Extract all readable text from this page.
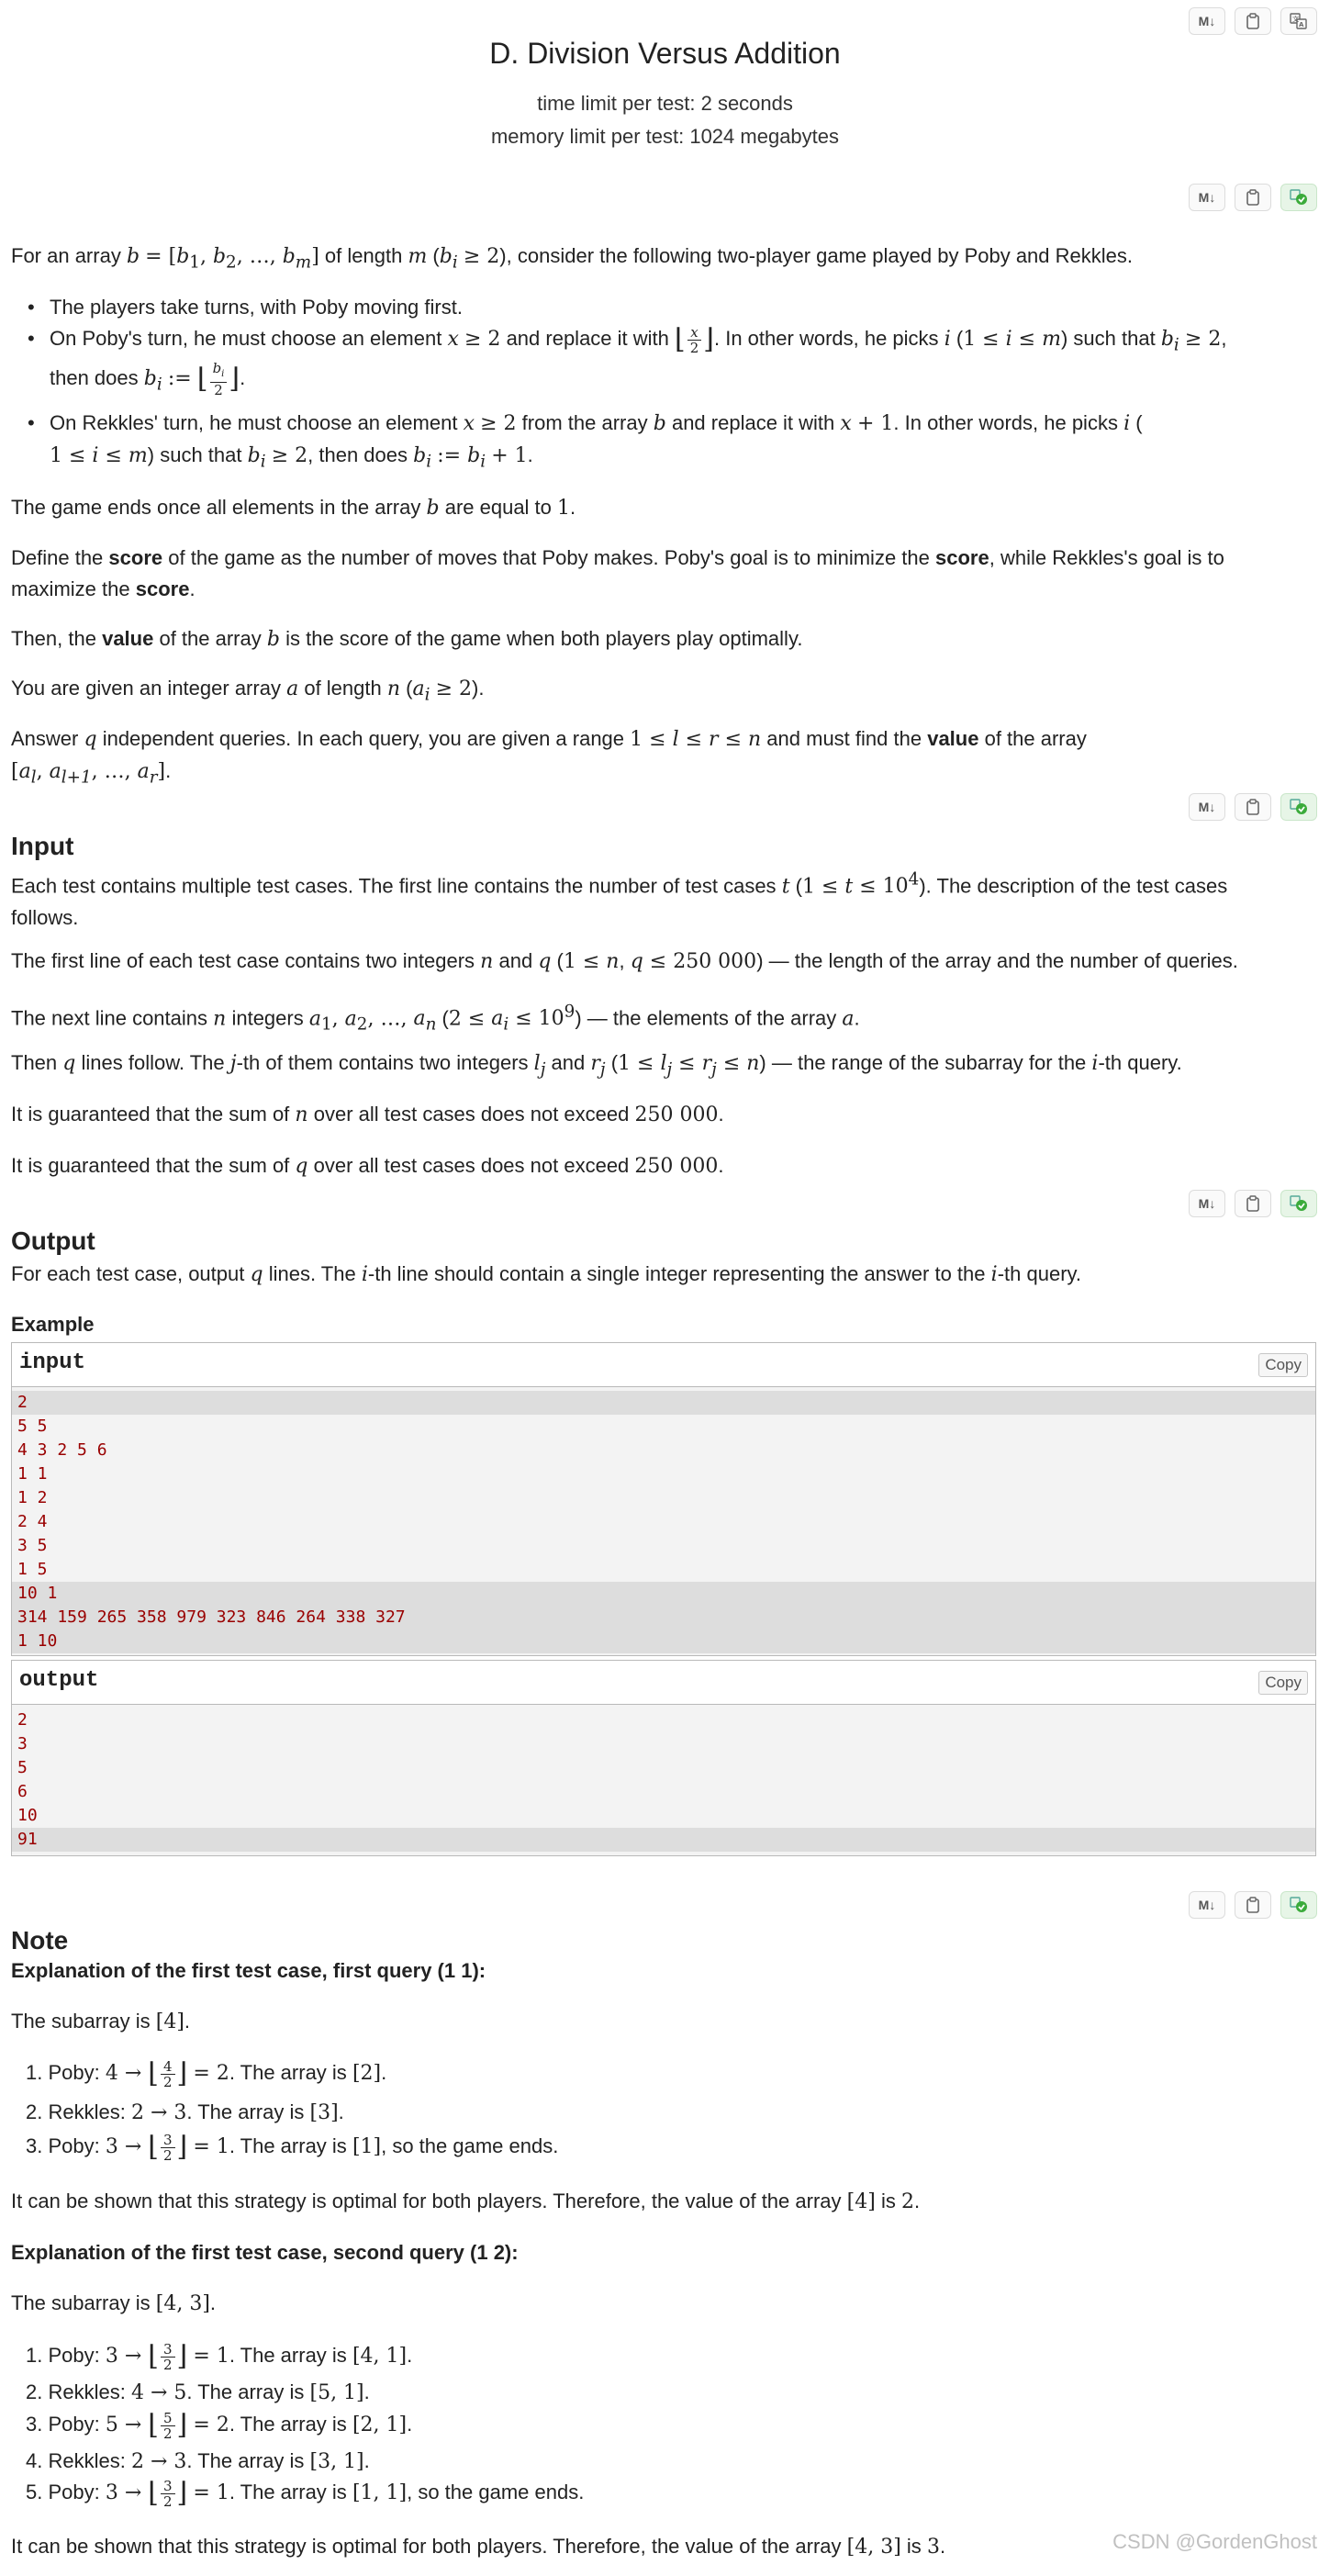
M↓	文
A
D. Division Versus Addition
time limit per test: 2 seconds
memory limit per test: 1024 megabytes
M↓
For an array $b = [b_1$, $b_2$, …, $b_m$] of length m $(b_i \ge 2)$, consider the following two-player game played by Poby and Rekkles.
• The players take turns, with Poby moving first.
• On Poby's turn, he must choose an element x ≥ 2 and replace it with ⌊ $\frac{x}{2}$ ⌋. In other words, he picks i (1 ≤ i ≤ m) such that $b_i \ge 2$,
then does $b_i$ := ⌊ $\frac{b_i}{2}$ ⌋.
• On Rekkles' turn, he must choose an element x ≥ 2 from the array b and replace it with x + 1. In other words, he picks i (
1 ≤ i ≤ m) such that $b_i \ge 2$, then does $b_i$ := $b_i + 1$.
The game ends once all elements in the array b are equal to 1.
Define the score of the game as the number of moves that Poby makes. Poby's goal is to minimize the score, while Rekkles's goal is to
maximize the score.
Then, the value of the array b is the score of the game when both players play optimally.
You are given an integer array a of length n $(a_i \ge 2)$.
Answer q independent queries. In each query, you are given a range 1 ≤ l ≤ r ≤ n and must find the value of the array
[$a_l$, $a_{l+1}$, …, $a_r$].
M↓
Input
Each test contains multiple test cases. The first line contains the number of test cases t $(1 \le t \le 10^4)$. The description of the test cases
follows.
The first line of each test case contains two integers n and q (1 ≤ n, q ≤ 250 000) — the length of the array and the number of queries.
The next line contains n integers $a_1$, $a_2$, …, $a_n$ $(2 \le a_i \le 10^9)$ — the elements of the array a.
Then q lines follow. The j-th of them contains two integers $l_j$ and $r_j$ $(1 \le l_j \le r_j \le n)$ — the range of the subarray for the i-th query.
It is guaranteed that the sum of n over all test cases does not exceed 250 000.
It is guaranteed that the sum of q over all test cases does not exceed 250 000.
M↓
Output
For each test case, output q lines. The i-th line should contain a single integer representing the answer to the i-th query.
Example
input	Copy
2
5 5
4 3 2 5 6
1 1
1 2
2 4
3 5
1 5
10 1
314 159 265 358 979 323 846 264 338 327
1 10
output	Copy
2
3
5
6
10
91
M↓
Note
Explanation of the first test case, first query (1 1):
The subarray is [4].
1. Poby: 4 → ⌊ $\frac{4}{2}$ ⌋ = 2. The array is [2].
2. Rekkles: 2 → 3. The array is [3].
3. Poby: 3 → ⌊ $\frac{3}{2}$ ⌋ = 1. The array is [1], so the game ends.
It can be shown that this strategy is optimal for both players. Therefore, the value of the array [4] is 2.
Explanation of the first test case, second query (1 2):
The subarray is [4, 3].
1. Poby: 3 → ⌊ $\frac{3}{2}$ ⌋ = 1. The array is [4, 1].
2. Rekkles: 4 → 5. The array is [5, 1].
3. Poby: 5 → ⌊ $\frac{5}{2}$ ⌋ = 2. The array is [2, 1].
4. Rekkles: 2 → 3. The array is [3, 1].
5. Poby: 3 → ⌊ $\frac{3}{2}$ ⌋ = 1. The array is [1, 1], so the game ends.
It can be shown that this strategy is optimal for both players. Therefore, the value of the array [4, 3] is 3.	CSDN @GordenGhost
